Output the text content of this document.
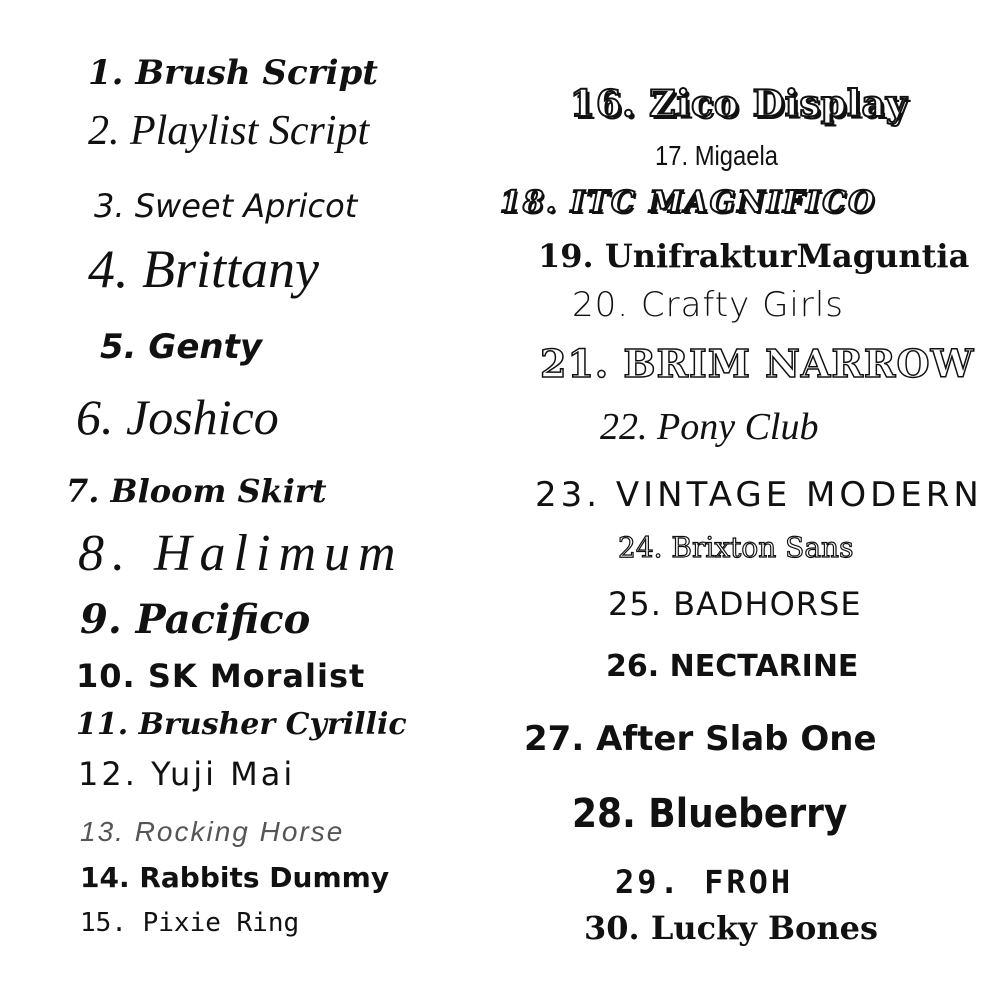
1. Brush Script
2. Playlist Script
3. Sweet Apricot
4. Brittany
5. Genty
6. Joshico
7. Bloom Skirt
8. Halimum
9. Pacifico
10. SK Moralist
11. Brusher Cyrillic
12. Yuji Mai
13. Rocking Horse
14. Rabbits Dummy
15. Pixie Ring
16. Zico Display
17. Migaela
18. ITC MAGNIFICO
19. UnifrakturMaguntia
20. Crafty Girls
21. BRIM NARROW
22. Pony Club
23. VINTAGE MODERN
24. Brixton Sans
25. BADHORSE
26. NECTARINE
27. After Slab One
28. Blueberry
29. FROH
30. Lucky Bones
